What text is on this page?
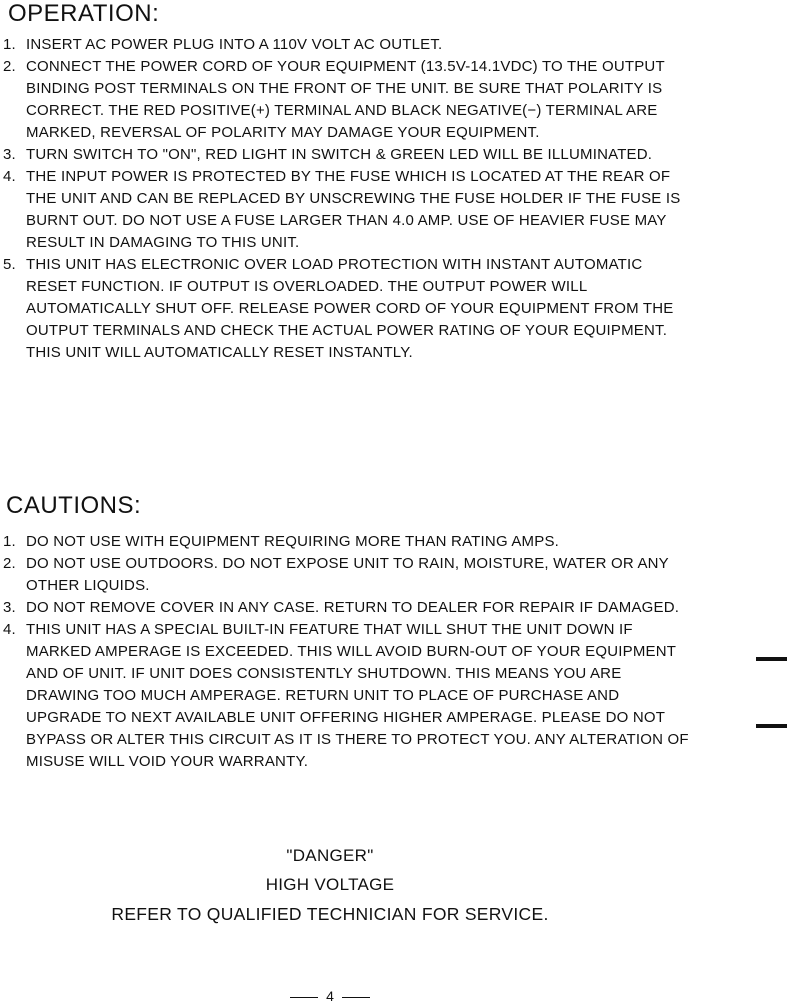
OPERATION:
1. INSERT AC POWER PLUG INTO A 110V VOLT AC OUTLET.
2. CONNECT THE POWER CORD OF YOUR EQUIPMENT (13.5V-14.1VDC) TO THE OUTPUT BINDING POST TERMINALS ON THE FRONT OF THE UNIT. BE SURE THAT POLARITY IS CORRECT. THE RED POSITIVE(+) TERMINAL AND BLACK NEGATIVE(−) TERMINAL ARE MARKED, REVERSAL OF POLARITY MAY DAMAGE YOUR EQUIPMENT.
3. TURN SWITCH TO "ON", RED LIGHT IN SWITCH & GREEN LED WILL BE ILLUMINATED.
4. THE INPUT POWER IS PROTECTED BY THE FUSE WHICH IS LOCATED AT THE REAR OF THE UNIT AND CAN BE REPLACED BY UNSCREWING THE FUSE HOLDER IF THE FUSE IS BURNT OUT. DO NOT USE A FUSE LARGER THAN 4.0 AMP. USE OF HEAVIER FUSE MAY RESULT IN DAMAGING TO THIS UNIT.
5. THIS UNIT HAS ELECTRONIC OVER LOAD PROTECTION WITH INSTANT AUTOMATIC RESET FUNCTION. IF OUTPUT IS OVERLOADED. THE OUTPUT POWER WILL AUTOMATICALLY SHUT OFF. RELEASE POWER CORD OF YOUR EQUIPMENT FROM THE OUTPUT TERMINALS AND CHECK THE ACTUAL POWER RATING OF YOUR EQUIPMENT. THIS UNIT WILL AUTOMATICALLY RESET INSTANTLY.
CAUTIONS:
1. DO NOT USE WITH EQUIPMENT REQUIRING MORE THAN RATING AMPS.
2. DO NOT USE OUTDOORS. DO NOT EXPOSE UNIT TO RAIN, MOISTURE, WATER OR ANY OTHER LIQUIDS.
3. DO NOT REMOVE COVER IN ANY CASE. RETURN TO DEALER FOR REPAIR IF DAMAGED.
4. THIS UNIT HAS A SPECIAL BUILT-IN FEATURE THAT WILL SHUT THE UNIT DOWN IF MARKED AMPERAGE IS EXCEEDED. THIS WILL AVOID BURN-OUT OF YOUR EQUIPMENT AND OF UNIT. IF UNIT DOES CONSISTENTLY SHUTDOWN. THIS MEANS YOU ARE DRAWING TOO MUCH AMPERAGE. RETURN UNIT TO PLACE OF PURCHASE AND UPGRADE TO NEXT AVAILABLE UNIT OFFERING HIGHER AMPERAGE. PLEASE DO NOT BYPASS OR ALTER THIS CIRCUIT AS IT IS THERE TO PROTECT YOU. ANY ALTERATION OF MISUSE WILL VOID YOUR WARRANTY.

"DANGER"

HIGH VOLTAGE

REFER TO QUALIFIED TECHNICIAN FOR SERVICE.

4
